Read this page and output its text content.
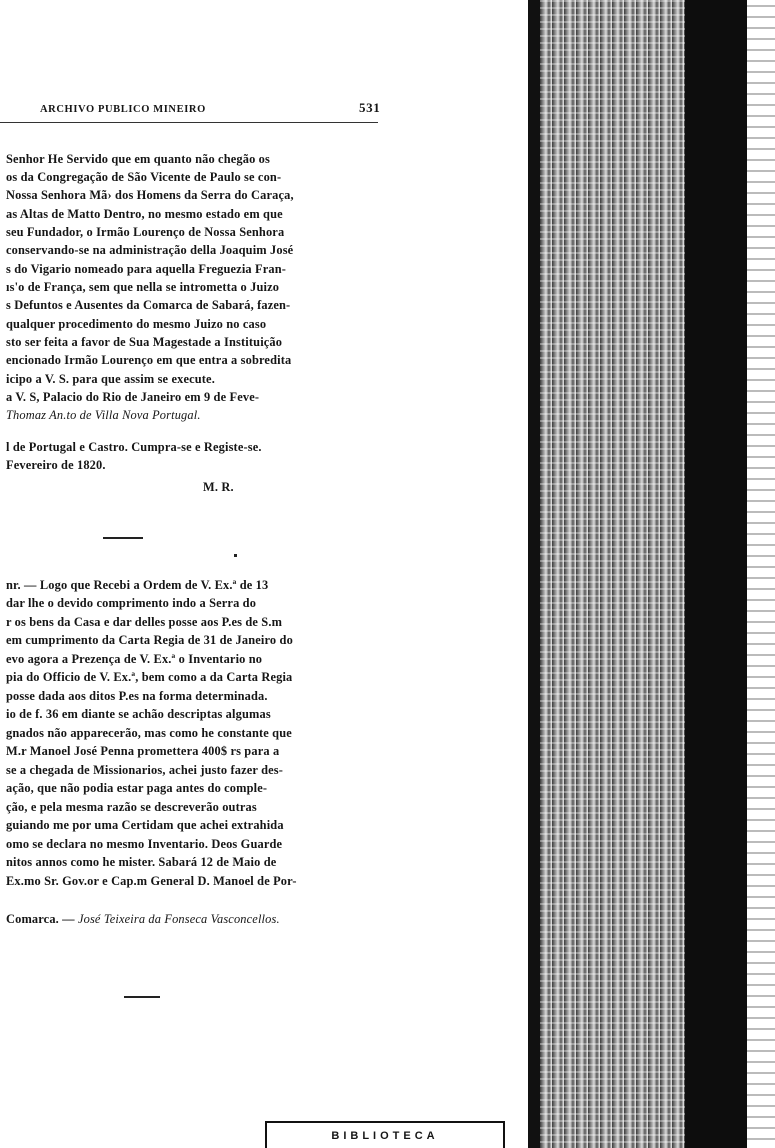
ARCHIVO PUBLICO MINEIRO	531
Senhor He Servido que em quanto não chegão os
os da Congregação de São Vicente de Paulo se con-
Nossa Senhora Mã› dos Homens da Serra do Caraça,
as Altas de Matto Dentro, no mesmo estado em que
seu Fundador, o Irmão Lourenço de Nossa Senhora
conservando-se na administração della Joaquim José
s do Vigario nomeado para aquella Freguezia Fran-
ıs'o de França, sem que nella se intrometta o Juizo
s Defuntos e Ausentes da Comarca de Sabará, fazen-
qualquer procedimento do mesmo Juizo no caso
sto ser feita a favor de Sua Magestade a Instituição
encionado Irmão Lourenço em que entra a sobredita
icipo a V. S. para que assim se execute.
a V. S, Palacio do Rio de Janeiro em 9 de Feve-
Thomaz An.to de Villa Nova Portugal.
l de Portugal e Castro. Cumpra-se e Registe-se.
Fevereiro de 1820.
M. R.
nr. — Logo que Recebi a Ordem de V. Ex.ª de 13
dar lhe o devido comprimento indo a Serra do
r os bens da Casa e dar delles posse aos P.es de S.m
em cumprimento da Carta Regia de 31 de Janeiro do
evo agora a Prezença de V. Ex.ª o Inventario no
pia do Officio de V. Ex.ª, bem como a da Carta Regia
posse dada aos ditos P.es na forma determinada.
io de f. 36 em diante se achão descriptas algumas
gnados não apparecerão, mas como he constante que
M.r Manoel José Penna promettera 400$ rs para a
se a chegada de Missionarios, achei justo fazer des-
ação, que não podia estar paga antes do comple-
ção, e pela mesma razão se descreverão outras
guiando me por uma Certidam que achei extrahida
omo se declara no mesmo Inventario. Deos Guarde
nitos annos como he mister. Sabará 12 de Maio de
Ex.mo Sr. Gov.or e Cap.m General D. Manoel de Por-
Comarca. — José Teixeira da Fonseca Vasconcellos.
BIBLIOTECA
